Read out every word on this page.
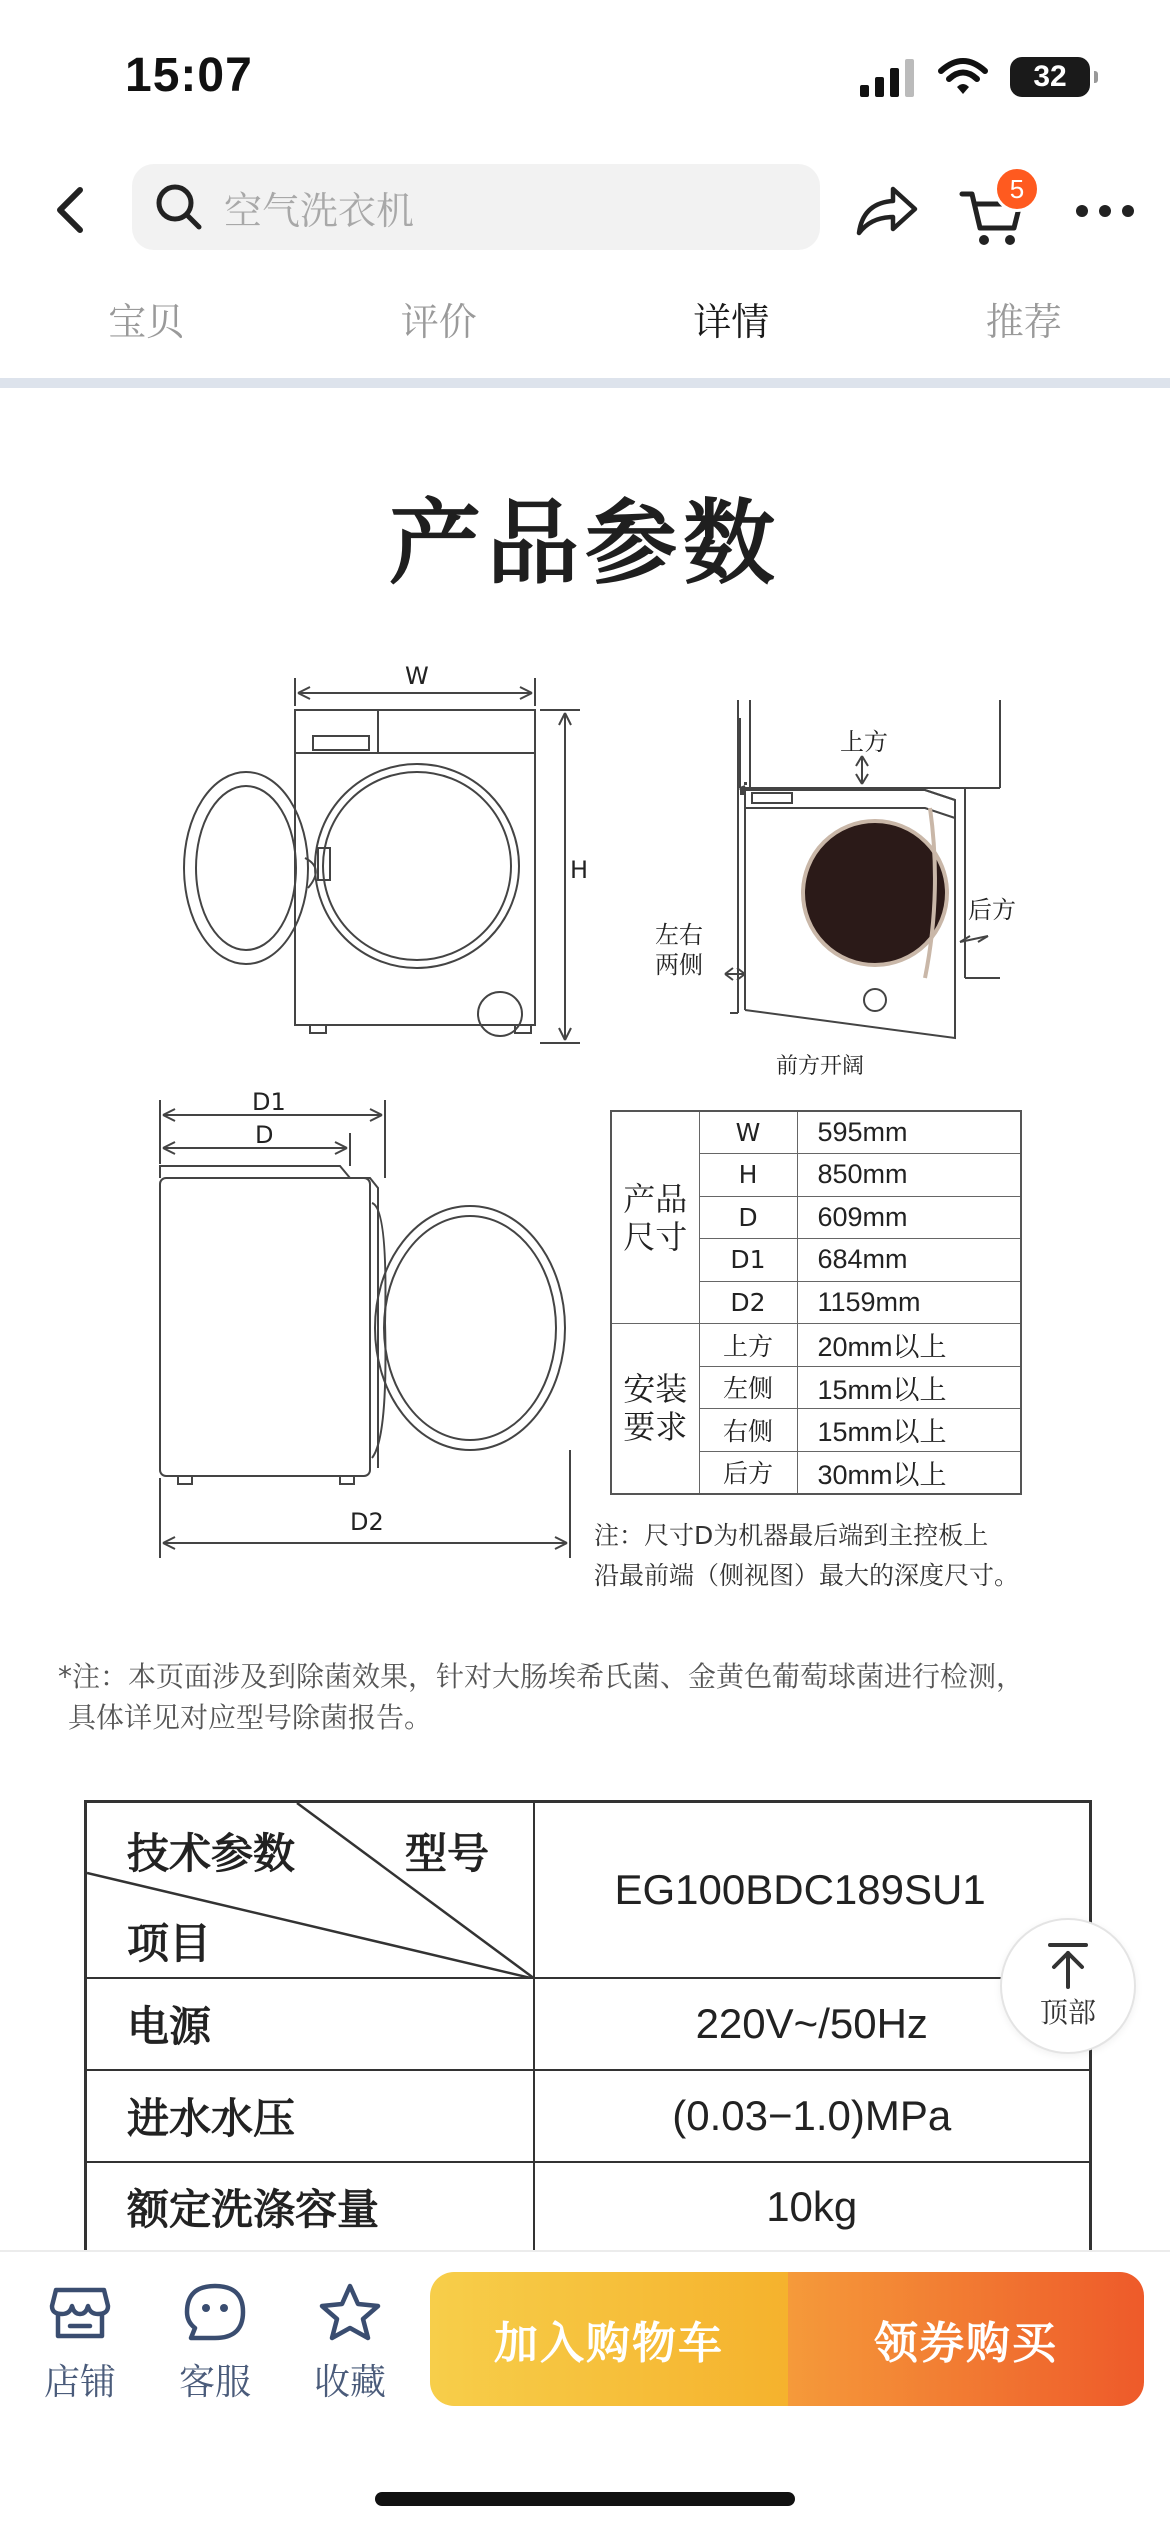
15:07	32
空气洗衣机	5
宝贝	评价	详情	推荐
产品参数
W
H
上方
后方
左右
两侧
前方开阔
D1
D
D2
产品
尺寸	W	595mm
	H	850mm
	D	609mm
	D1	684mm
	D2	1159mm
安装
要求	上方	20mm以上
	左侧	15mm以上
	右侧	15mm以上
	后方	30mm以上
注：尺寸D为机器最后端到主控板上
沿最前端（侧视图）最大的深度尺寸。
*注：本页面涉及到除菌效果，针对大肠埃希氏菌、金黄色葡萄球菌进行检测，
具体详见对应型号除菌报告。
技术参数 型号
项目	EG100BDC189SU1
电源	220V~/50Hz
进水水压	(0.03−1.0)MPa
额定洗涤容量	10kg
顶部
店铺	客服	收藏
加入购物车	领券购买
